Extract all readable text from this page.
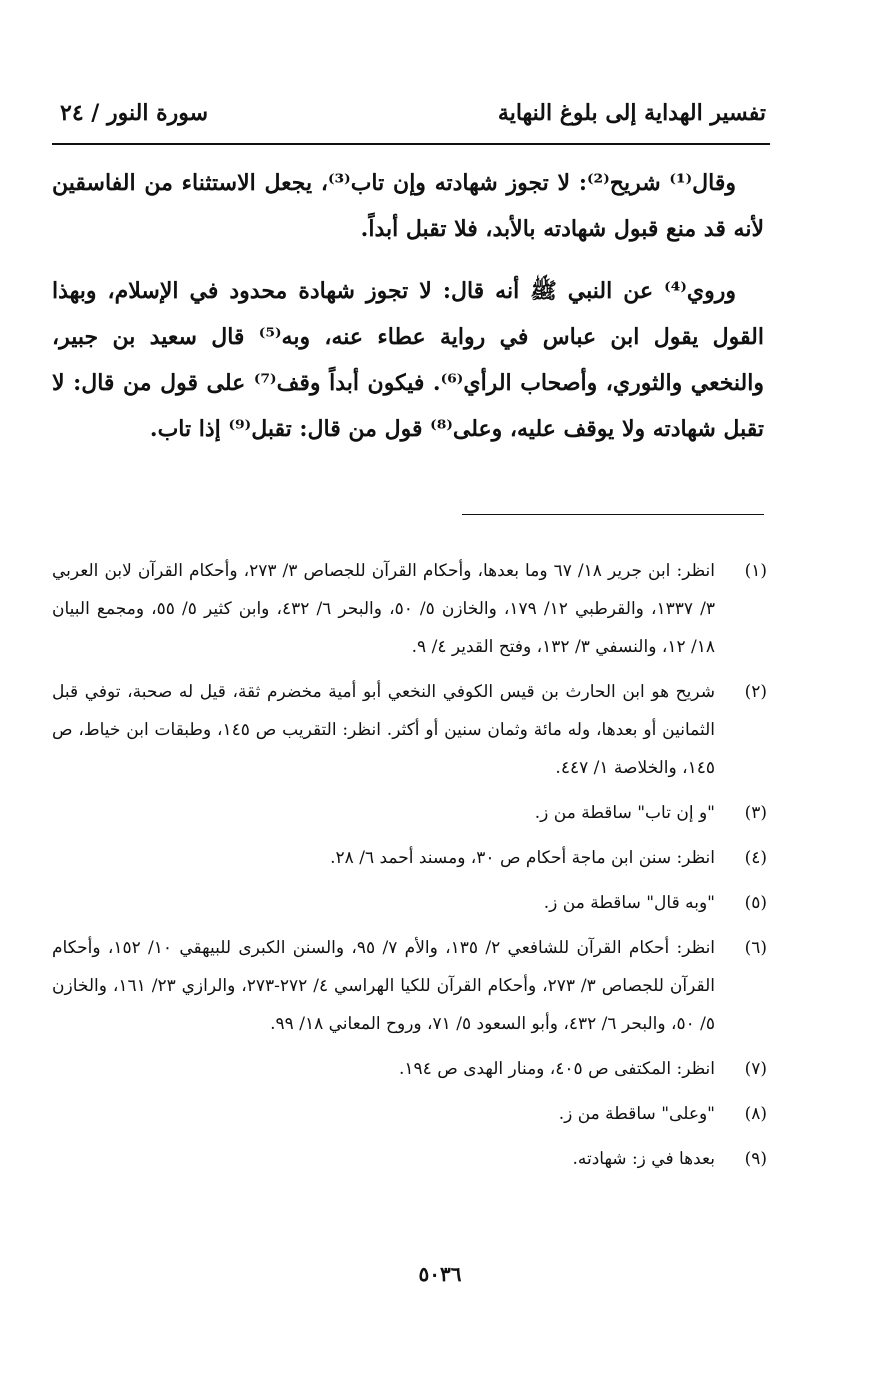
تفسير الهداية إلى بلوغ النهاية
سورة النور / ٢٤

وقال⁽¹⁾ شريح⁽²⁾: لا تجوز شهادته وإن تاب⁽³⁾، يجعل الاستثناء من الفاسقين لأنه قد منع قبول شهادته بالأبد، فلا تقبل أبداً.

وروي⁽⁴⁾ عن النبي ﷺ أنه قال: لا تجوز شهادة محدود في الإسلام، وبهذا القول يقول ابن عباس في رواية عطاء عنه، وبه⁽⁵⁾ قال سعيد بن جبير، والنخعي والثوري، وأصحاب الرأي⁽⁶⁾. فيكون أبداً وقف⁽⁷⁾ على قول من قال: لا تقبل شهادته ولا يوقف عليه، وعلى⁽⁸⁾ قول من قال: تقبل⁽⁹⁾ إذا تاب.

(١)
انظر: ابن جرير ١٨/ ٦٧ وما بعدها، وأحكام القرآن للجصاص ٣/ ٢٧٣، وأحكام القرآن لابن العربي ٣/ ١٣٣٧، والقرطبي ١٢/ ١٧٩، والخازن ٥/ ٥٠، والبحر ٦/ ٤٣٢، وابن كثير ٥/ ٥٥، ومجمع البيان ١٨/ ١٢، والنسفي ٣/ ١٣٢، وفتح القدير ٤/ ٩.
(٢)
شريح هو ابن الحارث بن قيس الكوفي النخعي أبو أمية مخضرم ثقة، قيل له صحبة، توفي قبل الثمانين أو بعدها، وله مائة وثمان سنين أو أكثر. انظر: التقريب ص ١٤٥، وطبقات ابن خياط، ص ١٤٥، والخلاصة ١/ ٤٤٧.
(٣)
"و إن تاب" ساقطة من ز.
(٤)
انظر: سنن ابن ماجة أحكام ص ٣٠، ومسند أحمد ٦/ ٢٨.
(٥)
"وبه قال" ساقطة من ز.
(٦)
انظر: أحكام القرآن للشافعي ٢/ ١٣٥، والأم ٧/ ٩٥، والسنن الكبرى للبيهقي ١٠/ ١٥٢، وأحكام القرآن للجصاص ٣/ ٢٧٣، وأحكام القرآن للكيا الهراسي ٤/ ٢٧٢-٢٧٣، والرازي ٢٣/ ١٦١، والخازن ٥/ ٥٠، والبحر ٦/ ٤٣٢، وأبو السعود ٥/ ٧١، وروح المعاني ١٨/ ٩٩.
(٧)
انظر: المكتفى ص ٤٠٥، ومنار الهدى ص ١٩٤.
(٨)
"وعلى" ساقطة من ز.
(٩)
بعدها في ز: شهادته.
٥٠٣٦
